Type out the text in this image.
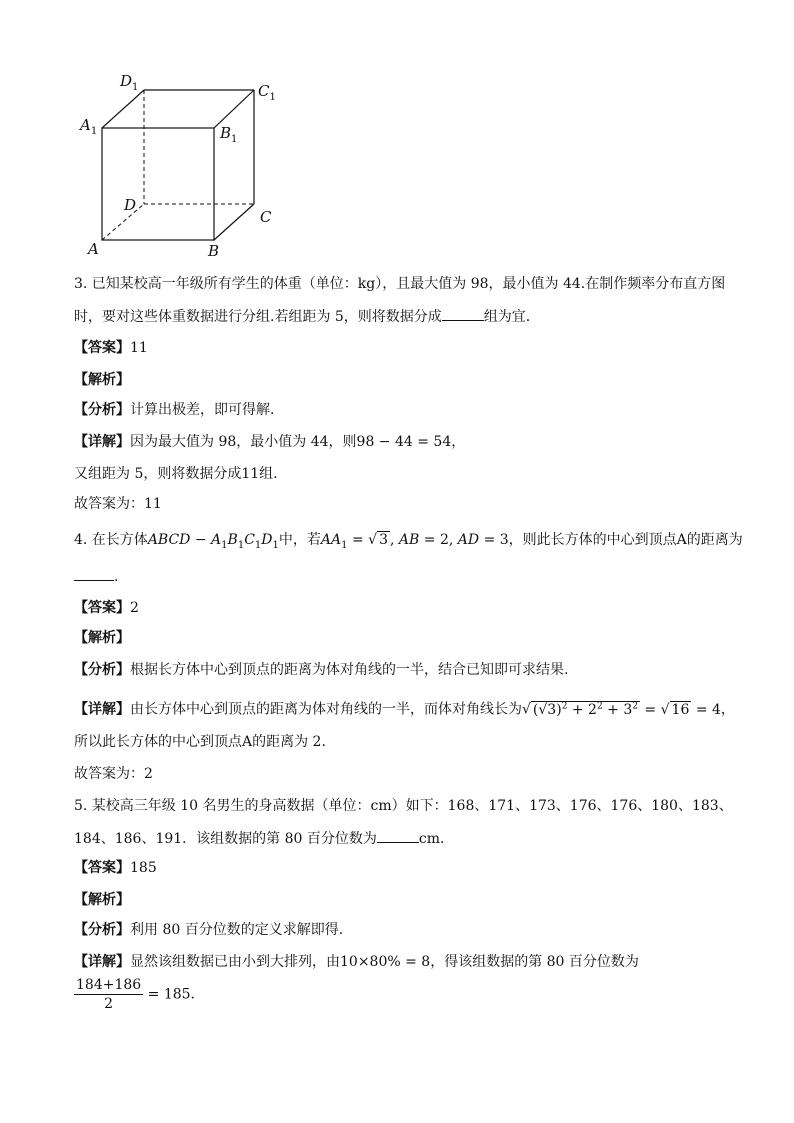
$D_1$	$C_1$
$A_1$	$B_1$
D
C
A	B
3. 已知某校高一年级所有学生的体重（单位：kg），且最大值为 98，最小值为 44.在制作频率分布直方图
时，要对这些体重数据进行分组.若组距为 5，则将数据分成	组为宜.
【答案】11
【解析】
【分析】计算出极差，即可得解.
【详解】因为最大值为 98，最小值为 44，则98 − 44 = 54，
又组距为 5，则将数据分成11组.
故答案为：11
4. 在长方体ABCD − $A_1B_1C_1D_1$中，若$AA_1$ = √ 3 , AB = 2, AD = 3，则此长方体的中心到顶点A的距离为
.
【答案】2
【解析】
【分析】根据长方体中心到顶点的距离为体对角线的一半，结合已知即可求结果.
【详解】由长方体中心到顶点的距离为体对角线的一半，而体对角线长为√ $(√3)^2 + 2^2 + 3^2$ = √ 16 = 4，
所以此长方体的中心到顶点A的距离为 2.
故答案为：2
5. 某校高三年级 10 名男生的身高数据（单位：cm）如下：168、171、173、176、176、180、183、
184、186、191．该组数据的第 80 百分位数为	cm．
【答案】185
【解析】
【分析】利用 80 百分位数的定义求解即得.
【详解】显然该组数据已由小到大排列，由10×80% = 8，得该组数据的第 80 百分位数为
$\frac{184+186}{2} = 185$.
